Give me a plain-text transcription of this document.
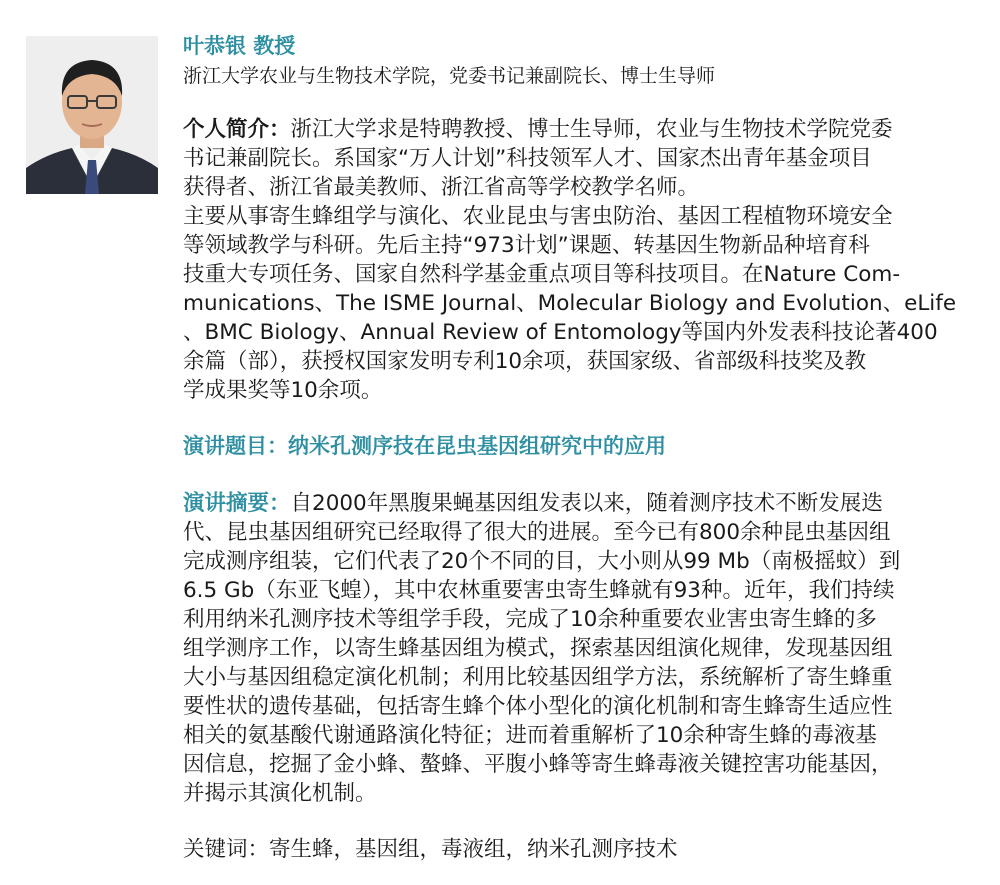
叶恭银 教授
浙江大学农业与生物技术学院，党委书记兼副院长、博士生导师
个人简介：浙江大学求是特聘教授、博士生导师，农业与生物技术学院党委
书记兼副院长。系国家“万人计划”科技领军人才、国家杰出青年基金项目
获得者、浙江省最美教师、浙江省高等学校教学名师。
主要从事寄生蜂组学与演化、农业昆虫与害虫防治、基因工程植物环境安全
等领域教学与科研。先后主持“973计划”课题、转基因生物新品种培育科
技重大专项任务、国家自然科学基金重点项目等科技项目。在Nature Com-
munications、The ISME Journal、Molecular Biology and Evolution、eLife
、BMC Biology、Annual Review of Entomology等国内外发表科技论著400
余篇（部），获授权国家发明专利10余项，获国家级、省部级科技奖及教
学成果奖等10余项。
演讲题目：纳米孔测序技在昆虫基因组研究中的应用
演讲摘要：自2000年黑腹果蝇基因组发表以来，随着测序技术不断发展迭
代、昆虫基因组研究已经取得了很大的进展。至今已有800余种昆虫基因组
完成测序组装，它们代表了20个不同的目，大小则从99 Mb（南极摇蚊）到
6.5 Gb（东亚飞蝗），其中农林重要害虫寄生蜂就有93种。近年，我们持续
利用纳米孔测序技术等组学手段，完成了10余种重要农业害虫寄生蜂的多
组学测序工作，以寄生蜂基因组为模式，探索基因组演化规律，发现基因组
大小与基因组稳定演化机制；利用比较基因组学方法，系统解析了寄生蜂重
要性状的遗传基础，包括寄生蜂个体小型化的演化机制和寄生蜂寄生适应性
相关的氨基酸代谢通路演化特征；进而着重解析了10余种寄生蜂的毒液基
因信息，挖掘了金小蜂、螯蜂、平腹小蜂等寄生蜂毒液关键控害功能基因，
并揭示其演化机制。
关键词：寄生蜂，基因组，毒液组，纳米孔测序技术
